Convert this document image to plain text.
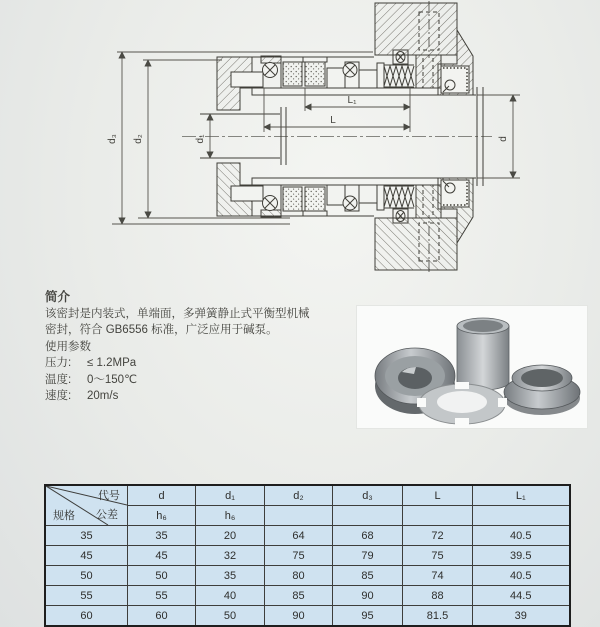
d₃ d₂	d₁	d
L₁
L
简介
该密封是内装式，单端面，多弹簧静止式平衡型机械
密封，符合 GB6556 标准，广泛应用于碱泵。
使用参数
压力: ≤ 1.2MPa
温度: 0～150℃
速度: 20m/s
代号
公差
规格	d	d₁	d₂	d₃	L	L₁
	h₆	h₆				
35	35	20	64	68	72	40.5
45	45	32	75	79	75	39.5
50	50	35	80	85	74	40.5
55	55	40	85	90	88	44.5
60	60	50	90	95	81.5	39
